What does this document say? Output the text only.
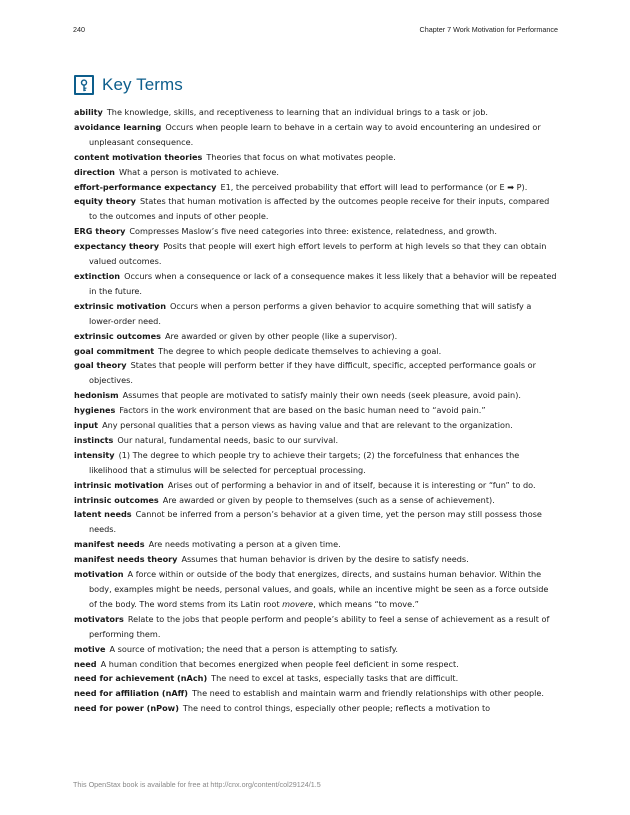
240	Chapter 7 Work Motivation for Performance
Key Terms

ability The knowledge, skills, and receptiveness to learning that an individual brings to a task or job.

avoidance learning Occurs when people learn to behave in a certain way to avoid encountering an undesired or unpleasant consequence.

content motivation theories Theories that focus on what motivates people.

direction What a person is motivated to achieve.

effort-performance expectancy E1, the perceived probability that effort will lead to performance (or E ➡ P).

equity theory States that human motivation is affected by the outcomes people receive for their inputs, compared to the outcomes and inputs of other people.

ERG theory Compresses Maslow’s five need categories into three: existence, relatedness, and growth.

expectancy theory Posits that people will exert high effort levels to perform at high levels so that they can obtain valued outcomes.

extinction Occurs when a consequence or lack of a consequence makes it less likely that a behavior will be repeated in the future.

extrinsic motivation Occurs when a person performs a given behavior to acquire something that will satisfy a lower-order need.

extrinsic outcomes Are awarded or given by other people (like a supervisor).

goal commitment The degree to which people dedicate themselves to achieving a goal.

goal theory States that people will perform better if they have difficult, specific, accepted performance goals or objectives.

hedonism Assumes that people are motivated to satisfy mainly their own needs (seek pleasure, avoid pain).

hygienes Factors in the work environment that are based on the basic human need to “avoid pain.”

input Any personal qualities that a person views as having value and that are relevant to the organization.

instincts Our natural, fundamental needs, basic to our survival.

intensity (1) The degree to which people try to achieve their targets; (2) the forcefulness that enhances the likelihood that a stimulus will be selected for perceptual processing.

intrinsic motivation Arises out of performing a behavior in and of itself, because it is interesting or “fun” to do.

intrinsic outcomes Are awarded or given by people to themselves (such as a sense of achievement).

latent needs Cannot be inferred from a person’s behavior at a given time, yet the person may still possess those needs.

manifest needs Are needs motivating a person at a given time.

manifest needs theory Assumes that human behavior is driven by the desire to satisfy needs.

motivation A force within or outside of the body that energizes, directs, and sustains human behavior. Within the body, examples might be needs, personal values, and goals, while an incentive might be seen as a force outside of the body. The word stems from its Latin root movere, which means “to move.”

motivators Relate to the jobs that people perform and people’s ability to feel a sense of achievement as a result of performing them.

motive A source of motivation; the need that a person is attempting to satisfy.

need A human condition that becomes energized when people feel deficient in some respect.

need for achievement (nAch) The need to excel at tasks, especially tasks that are difficult.

need for affiliation (nAff) The need to establish and maintain warm and friendly relationships with other people.

need for power (nPow) The need to control things, especially other people; reflects a motivation to

This OpenStax book is available for free at http://cnx.org/content/col29124/1.5
